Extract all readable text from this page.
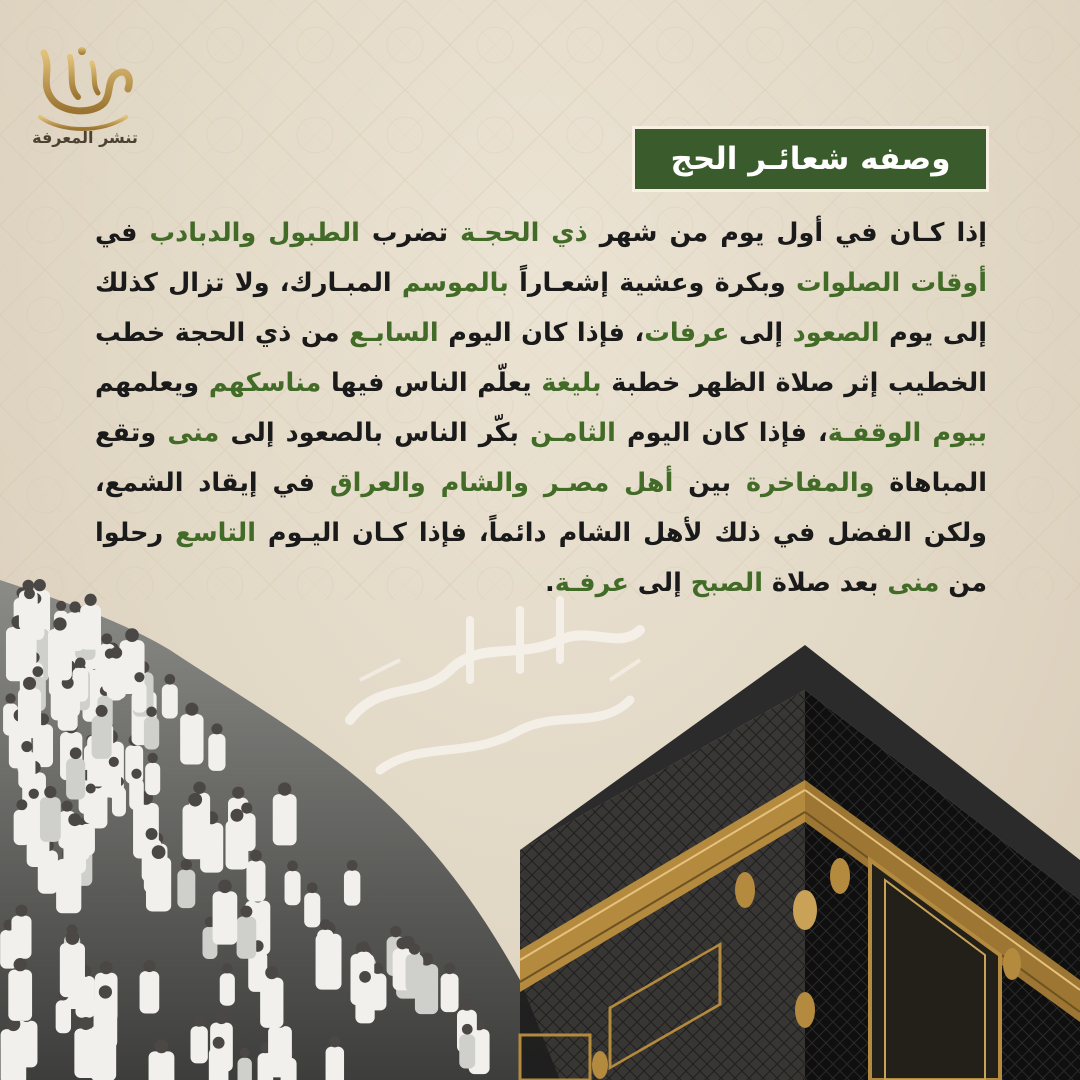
تنشر المعرفة
وصفه شعائـر الحج
إذا كـان في أول يوم من شهر ذي الحجـة تضرب الطبول والدبادب في أوقات الصلوات وبكرة وعشية إشعـاراً بالموسم المبـارك، ولا تزال كذلك إلى يوم الصعود إلى عرفات، فإذا كان اليوم السابـع من ذي الحجة خطب الخطيب إثر صلاة الظهر خطبة بليغة يعلّم الناس فيها مناسكهم ويعلمهم بيوم الوقفـة، فإذا كان اليوم الثامـن بكّر الناس بالصعود إلى منى وتقع المباهاة والمفاخرة بين أهل مصـر والشام والعراق في إيقاد الشمع، ولكن الفضل في ذلك لأهل الشام دائماً، فإذا كـان اليـوم التاسع رحلوا من منى بعد صلاة الصبح إلى عرفـة.
